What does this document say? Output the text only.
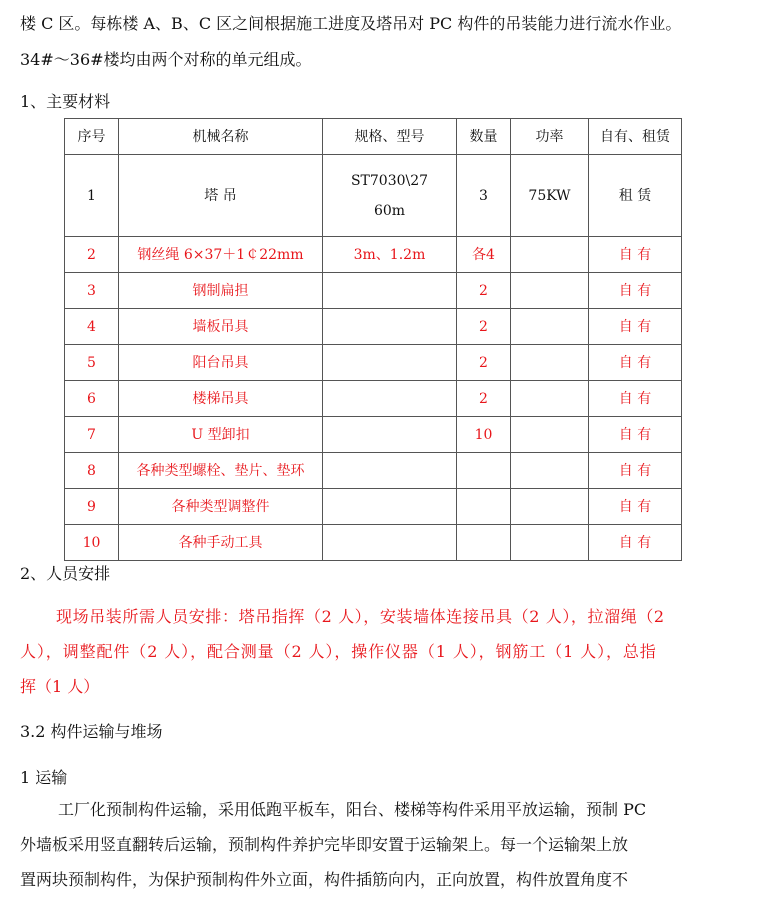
楼 C 区。每栋楼 A、B、C 区之间根据施工进度及塔吊对 PC 构件的吊装能力进行流水作业。
34#～36#楼均由两个对称的单元组成。
1、主要材料
序号	机械名称	规格、型号	数量	功率	自有、租赁
1	塔 吊	ST7030\27
60m	3	75KW	租 赁
2	钢丝绳 6×37＋1￠22mm	3m、1.2m	各4		自 有
3	钢制扁担		2		自 有
4	墙板吊具		2		自 有
5	阳台吊具		2		自 有
6	楼梯吊具		2		自 有
7	U 型卸扣		10		自 有
8	各种类型螺栓、垫片、垫环				自 有
9	各种类型调整件				自 有
10	各种手动工具				自 有
2、人员安排
现场吊装所需人员安排：塔吊指挥（2 人），安装墙体连接吊具（2 人），拉溜绳（2
人），调整配件（2 人），配合测量（2 人），操作仪器（1 人），钢筋工（1 人），总指
挥（1 人）
3.2 构件运输与堆场
1 运输
工厂化预制构件运输，采用低跑平板车，阳台、楼梯等构件采用平放运输，预制 PC
外墙板采用竖直翻转后运输，预制构件养护完毕即安置于运输架上。每一个运输架上放
置两块预制构件，为保护预制构件外立面，构件插筋向内，正向放置，构件放置角度不
